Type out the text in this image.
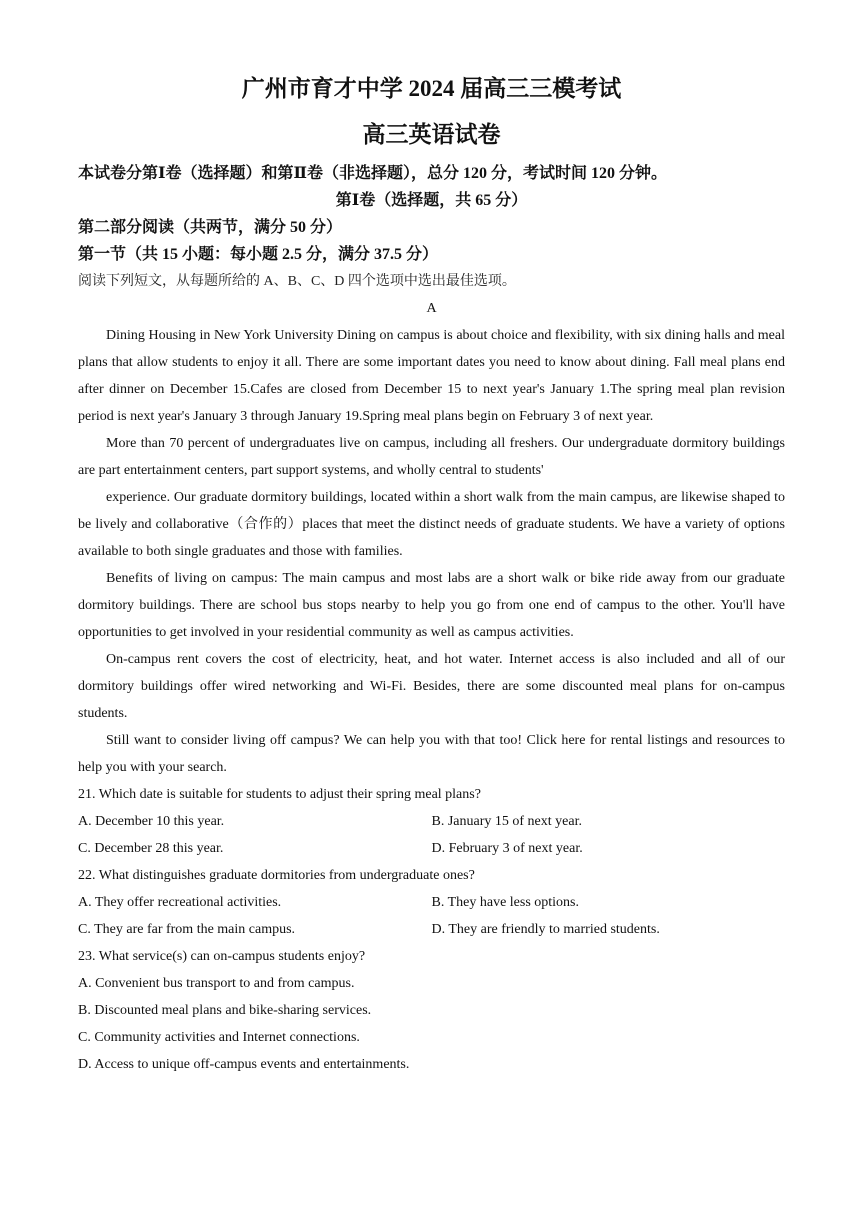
广州市育才中学 2024 届高三三模考试
高三英语试卷

本试卷分第Ⅰ卷（选择题）和第Ⅱ卷（非选择题），总分 120 分，考试时间 120 分钟。

第Ⅰ卷（选择题，共 65 分）

第二部分阅读（共两节，满分 50 分）

第一节（共 15 小题：每小题 2.5 分，满分 37.5 分）

阅读下列短文，从每题所给的 A、B、C、D 四个选项中选出最佳选项。

A

Dining Housing in New York University Dining on campus is about choice and flexibility, with six dining halls and meal plans that allow students to enjoy it all. There are some important dates you need to know about dining. Fall meal plans end after dinner on December 15.Cafes are closed from December 15 to next year's January 1.The spring meal plan revision period is next year's January 3 through January 19.Spring meal plans begin on February 3 of next year.

More than 70 percent of undergraduates live on campus, including all freshers. Our undergraduate dormitory buildings are part entertainment centers, part support systems, and wholly central to students'

experience. Our graduate dormitory buildings, located within a short walk from the main campus, are likewise shaped to be lively and collaborative（合作的）places that meet the distinct needs of graduate students. We have a variety of options available to both single graduates and those with families.

Benefits of living on campus: The main campus and most labs are a short walk or bike ride away from our graduate dormitory buildings. There are school bus stops nearby to help you go from one end of campus to the other. You'll have opportunities to get involved in your residential community as well as campus activities.

On-campus rent covers the cost of electricity, heat, and hot water. Internet access is also included and all of our dormitory buildings offer wired networking and Wi-Fi. Besides, there are some discounted meal plans for on-campus students.

Still want to consider living off campus? We can help you with that too! Click here for rental listings and resources to help you with your search.

21. Which date is suitable for students to adjust their spring meal plans?

A. December 10 this year.	B. January 15 of next year.
C. December 28 this year.	D. February 3 of next year.

22. What distinguishes graduate dormitories from undergraduate ones?

A. They offer recreational activities.	B. They have less options.
C. They are far from the main campus.	D. They are friendly to married students.

23. What service(s) can on-campus students enjoy?

A. Convenient bus transport to and from campus.

B. Discounted meal plans and bike-sharing services.

C. Community activities and Internet connections.

D. Access to unique off-campus events and entertainments.
